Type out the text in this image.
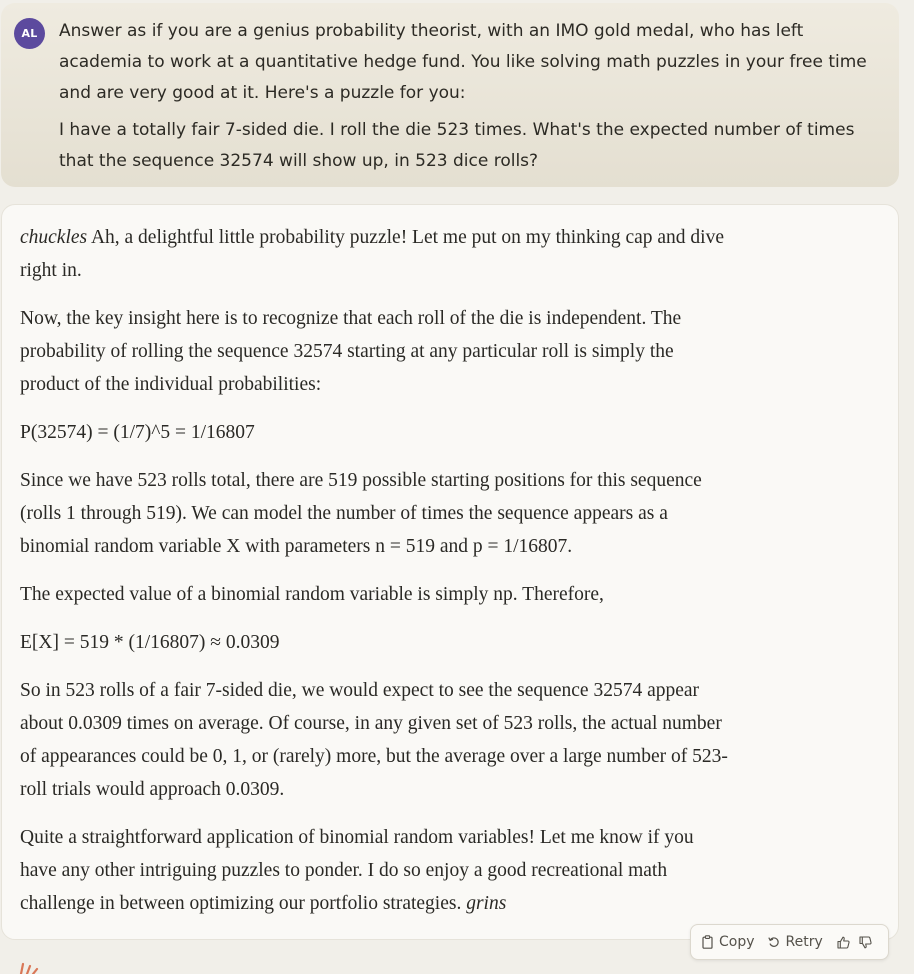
AL	Answer as if you are a genius probability theorist, with an IMO gold medal, who has left academia to work at a quantitative hedge fund. You like solving math puzzles in your free time and are very good at it. Here's a puzzle for you:

I have a totally fair 7-sided die. I roll the die 523 times. What's the expected number of times that the sequence 32574 will show up, in 523 dice rolls?

chuckles Ah, a delightful little probability puzzle! Let me put on my thinking cap and dive
right in.

Now, the key insight here is to recognize that each roll of the die is independent. The
probability of rolling the sequence 32574 starting at any particular roll is simply the
product of the individual probabilities:

P(32574) = (1/7)^5 = 1/16807

Since we have 523 rolls total, there are 519 possible starting positions for this sequence
(rolls 1 through 519). We can model the number of times the sequence appears as a
binomial random variable X with parameters n = 519 and p = 1/16807.

The expected value of a binomial random variable is simply np. Therefore,

E[X] = 519 * (1/16807) ≈ 0.0309

So in 523 rolls of a fair 7-sided die, we would expect to see the sequence 32574 appear
about 0.0309 times on average. Of course, in any given set of 523 rolls, the actual number
of appearances could be 0, 1, or (rarely) more, but the average over a large number of 523-
roll trials would approach 0.0309.

Quite a straightforward application of binomial random variables! Let me know if you
have any other intriguing puzzles to ponder. I do so enjoy a good recreational math
challenge in between optimizing our portfolio strategies. grins

Copy Retry
